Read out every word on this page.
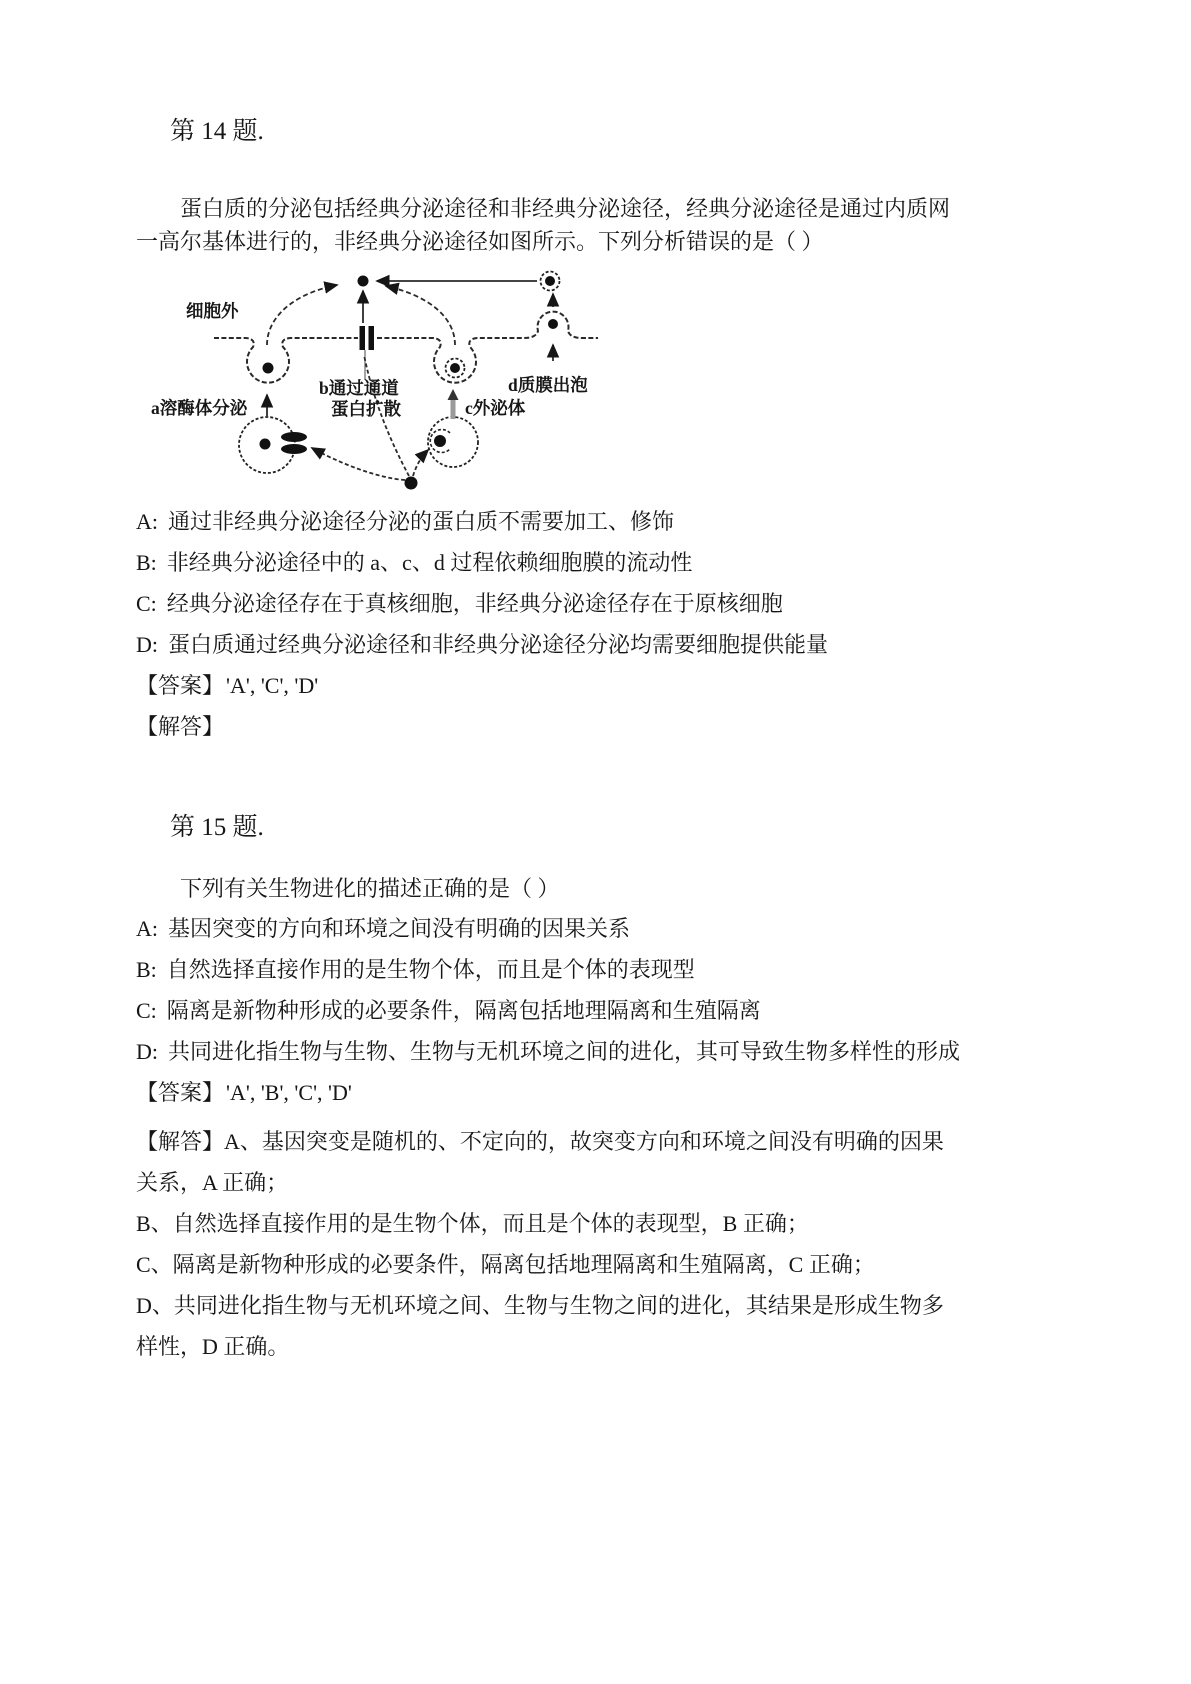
第 14 题.

蛋白质的分泌包括经典分泌途径和非经典分泌途径，经典分泌途径是通过内质网

一高尔基体进行的，非经典分泌途径如图所示。下列分析错误的是（ ）

细胞外
a溶酶体分泌
b通过通道
蛋白扩散	c外泌体
d质膜出泡
A: 通过非经典分泌途径分泌的蛋白质不需要加工、修饰
B: 非经典分泌途径中的 a、c、d 过程依赖细胞膜的流动性
C: 经典分泌途径存在于真核细胞，非经典分泌途径存在于原核细胞
D: 蛋白质通过经典分泌途径和非经典分泌途径分泌均需要细胞提供能量
【答案】'A', 'C', 'D'
【解答】
第 15 题.

下列有关生物进化的描述正确的是（ ）

A: 基因突变的方向和环境之间没有明确的因果关系
B: 自然选择直接作用的是生物个体，而且是个体的表现型
C: 隔离是新物种形成的必要条件，隔离包括地理隔离和生殖隔离
D: 共同进化指生物与生物、生物与无机环境之间的进化，其可导致生物多样性的形成
【答案】'A', 'B', 'C', 'D'

【解答】A、基因突变是随机的、不定向的，故突变方向和环境之间没有明确的因果

关系，A 正确；

B、自然选择直接作用的是生物个体，而且是个体的表现型，B 正确；

C、隔离是新物种形成的必要条件，隔离包括地理隔离和生殖隔离，C 正确；

D、共同进化指生物与无机环境之间、生物与生物之间的进化，其结果是形成生物多

样性，D 正确。
